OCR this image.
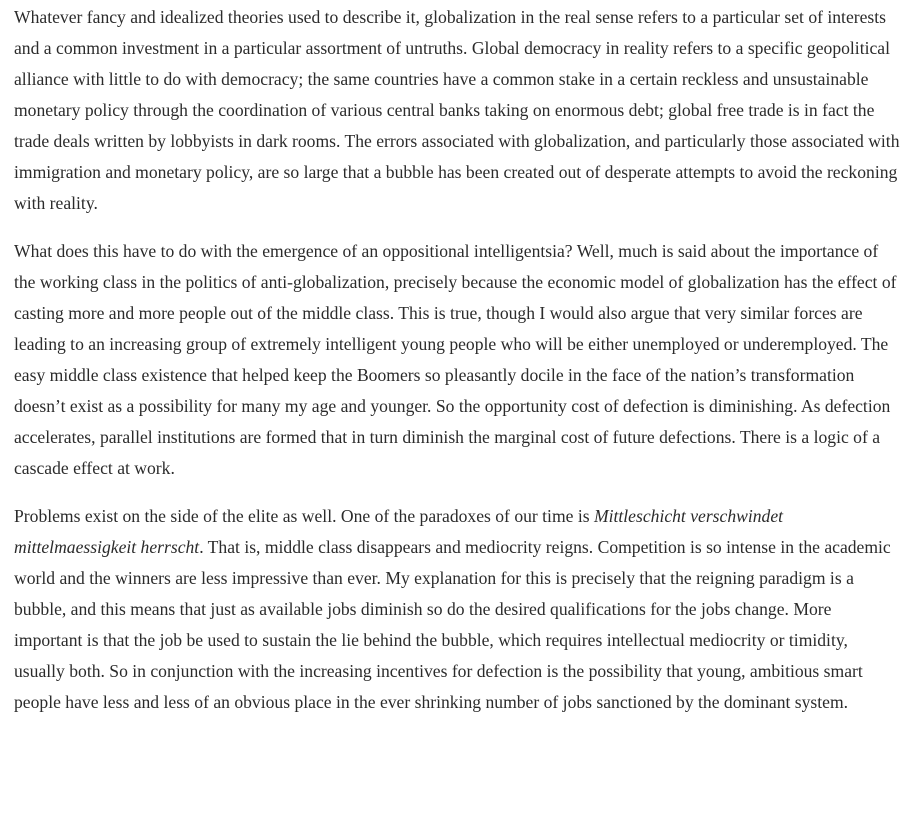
Whatever fancy and idealized theories used to describe it, globalization in the real sense refers to a particular set of interests and a common investment in a particular assortment of untruths. Global democracy in reality refers to a specific geopolitical alliance with little to do with democracy; the same countries have a common stake in a certain reckless and unsustainable monetary policy through the coordination of various central banks taking on enormous debt; global free trade is in fact the trade deals written by lobbyists in dark rooms. The errors associated with globalization, and particularly those associated with immigration and monetary policy, are so large that a bubble has been created out of desperate attempts to avoid the reckoning with reality.

What does this have to do with the emergence of an oppositional intelligentsia? Well, much is said about the importance of the working class in the politics of anti-globalization, precisely because the economic model of globalization has the effect of casting more and more people out of the middle class. This is true, though I would also argue that very similar forces are leading to an increasing group of extremely intelligent young people who will be either unemployed or underemployed. The easy middle class existence that helped keep the Boomers so pleasantly docile in the face of the nation’s transformation doesn’t exist as a possibility for many my age and younger. So the opportunity cost of defection is diminishing. As defection accelerates, parallel institutions are formed that in turn diminish the marginal cost of future defections. There is a logic of a cascade effect at work.

Problems exist on the side of the elite as well. One of the paradoxes of our time is Mittleschicht verschwindet mittelmaessigkeit herrscht. That is, middle class disappears and mediocrity reigns. Competition is so intense in the academic world and the winners are less impressive than ever. My explanation for this is precisely that the reigning paradigm is a bubble, and this means that just as available jobs diminish so do the desired qualifications for the jobs change. More important is that the job be used to sustain the lie behind the bubble, which requires intellectual mediocrity or timidity, usually both. So in conjunction with the increasing incentives for defection is the possibility that young, ambitious smart people have less and less of an obvious place in the ever shrinking number of jobs sanctioned by the dominant system.
